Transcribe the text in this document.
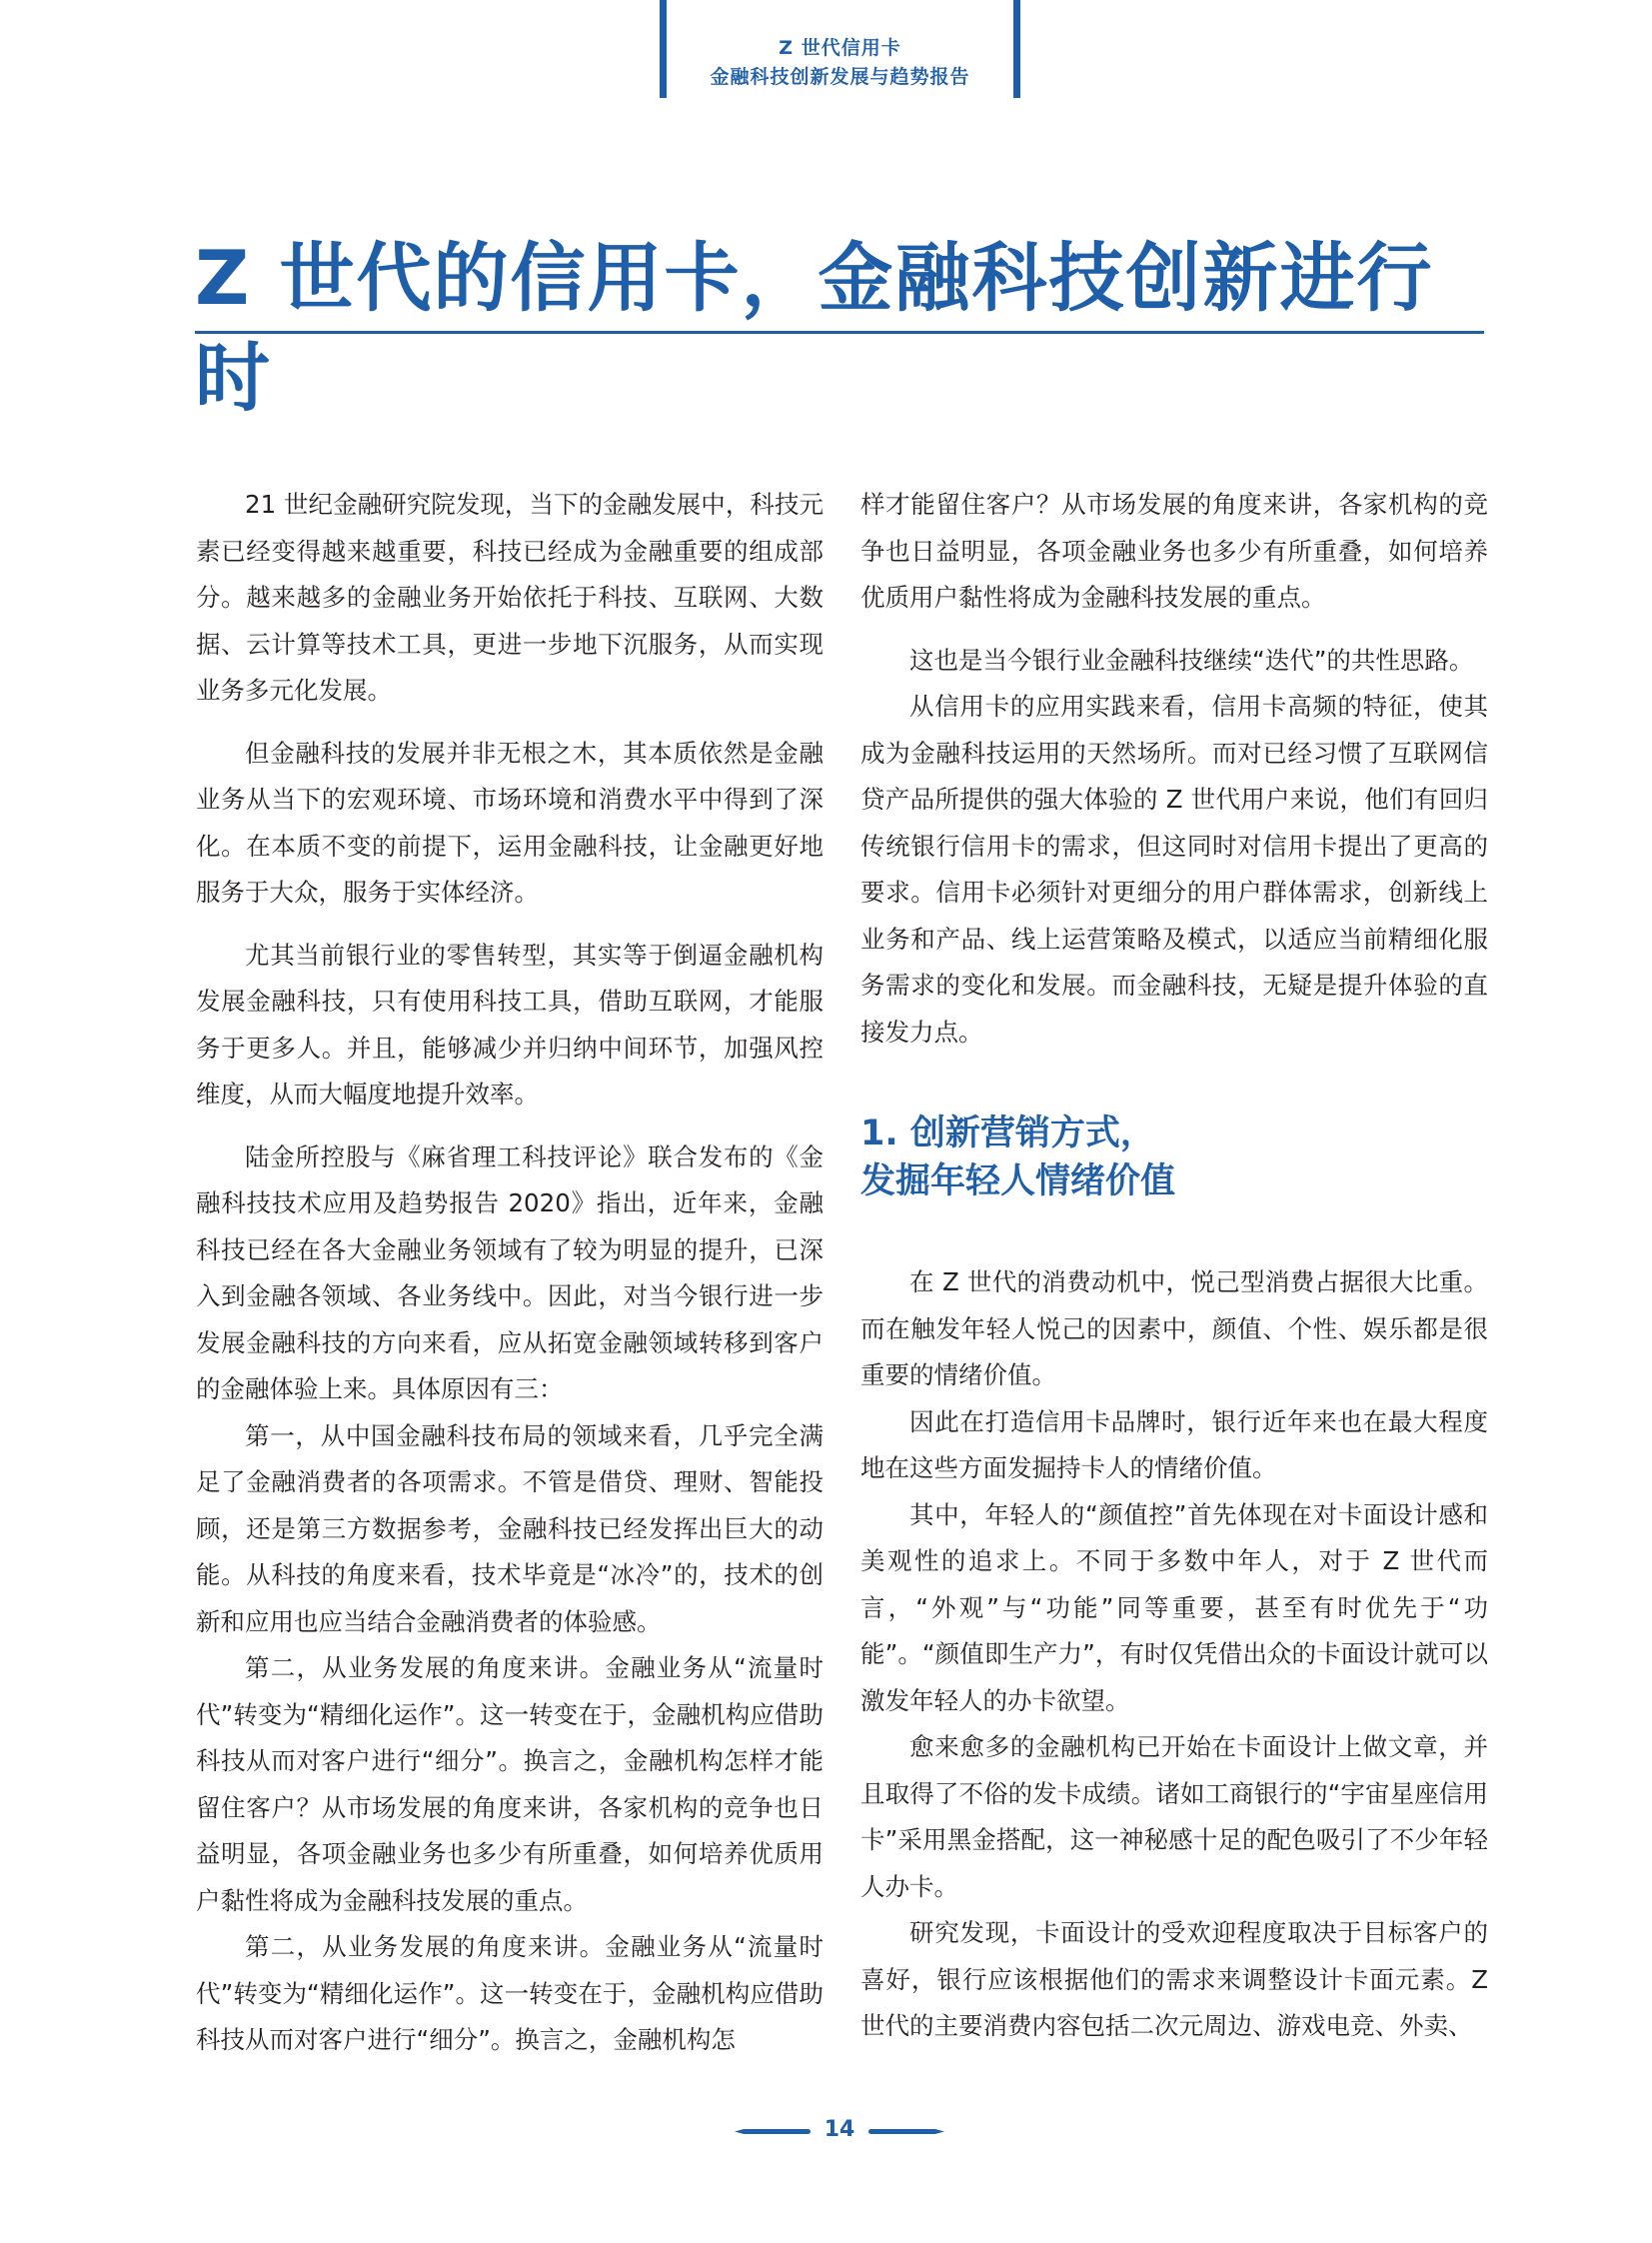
Z 世代信用卡
金融科技创新发展与趋势报告
Z 世代的信用卡，金融科技创新进行时

21 世纪金融研究院发现，当下的金融发展中，科技元素已经变得越来越重要，科技已经成为金融重要的组成部分。越来越多的金融业务开始依托于科技、互联网、大数据、云计算等技术工具，更进一步地下沉服务，从而实现业务多元化发展。

但金融科技的发展并非无根之木，其本质依然是金融业务从当下的宏观环境、市场环境和消费水平中得到了深化。在本质不变的前提下，运用金融科技，让金融更好地服务于大众，服务于实体经济。

尤其当前银行业的零售转型，其实等于倒逼金融机构发展金融科技，只有使用科技工具，借助互联网，才能服务于更多人。并且，能够减少并归纳中间环节，加强风控维度，从而大幅度地提升效率。

陆金所控股与《麻省理工科技评论》联合发布的《金融科技技术应用及趋势报告 2020》指出，近年来，金融科技已经在各大金融业务领域有了较为明显的提升，已深入到金融各领域、各业务线中。因此，对当今银行进一步发展金融科技的方向来看，应从拓宽金融领域转移到客户的金融体验上来。具体原因有三：

第一，从中国金融科技布局的领域来看，几乎完全满足了金融消费者的各项需求。不管是借贷、理财、智能投顾，还是第三方数据参考，金融科技已经发挥出巨大的动能。从科技的角度来看，技术毕竟是“冰冷”的，技术的创新和应用也应当结合金融消费者的体验感。

第二，从业务发展的角度来讲。金融业务从“流量时代”转变为“精细化运作”。这一转变在于，金融机构应借助科技从而对客户进行“细分”。换言之，金融机构怎样才能留住客户？从市场发展的角度来讲，各家机构的竞争也日益明显，各项金融业务也多少有所重叠，如何培养优质用户黏性将成为金融科技发展的重点。

第二，从业务发展的角度来讲。金融业务从“流量时代”转变为“精细化运作”。这一转变在于，金融机构应借助科技从而对客户进行“细分”。换言之，金融机构怎

样才能留住客户？从市场发展的角度来讲，各家机构的竞争也日益明显，各项金融业务也多少有所重叠，如何培养优质用户黏性将成为金融科技发展的重点。

这也是当今银行业金融科技继续“迭代”的共性思路。

从信用卡的应用实践来看，信用卡高频的特征，使其成为金融科技运用的天然场所。而对已经习惯了互联网信贷产品所提供的强大体验的 Z 世代用户来说，他们有回归传统银行信用卡的需求，但这同时对信用卡提出了更高的要求。信用卡必须针对更细分的用户群体需求，创新线上业务和产品、线上运营策略及模式，以适应当前精细化服务需求的变化和发展。而金融科技，无疑是提升体验的直接发力点。

1. 创新营销方式，
发掘年轻人情绪价值

在 Z 世代的消费动机中，悦己型消费占据很大比重。而在触发年轻人悦己的因素中，颜值、个性、娱乐都是很重要的情绪价值。

因此在打造信用卡品牌时，银行近年来也在最大程度地在这些方面发掘持卡人的情绪价值。

其中，年轻人的“颜值控”首先体现在对卡面设计感和美观性的追求上。不同于多数中年人，对于 Z 世代而言，“外观”与“功能”同等重要，甚至有时优先于“功能”。“颜值即生产力”，有时仅凭借出众的卡面设计就可以激发年轻人的办卡欲望。

愈来愈多的金融机构已开始在卡面设计上做文章，并且取得了不俗的发卡成绩。诸如工商银行的“宇宙星座信用卡”采用黑金搭配，这一神秘感十足的配色吸引了不少年轻人办卡。

研究发现，卡面设计的受欢迎程度取决于目标客户的喜好，银行应该根据他们的需求来调整设计卡面元素。Z 世代的主要消费内容包括二次元周边、游戏电竞、外卖、

14
